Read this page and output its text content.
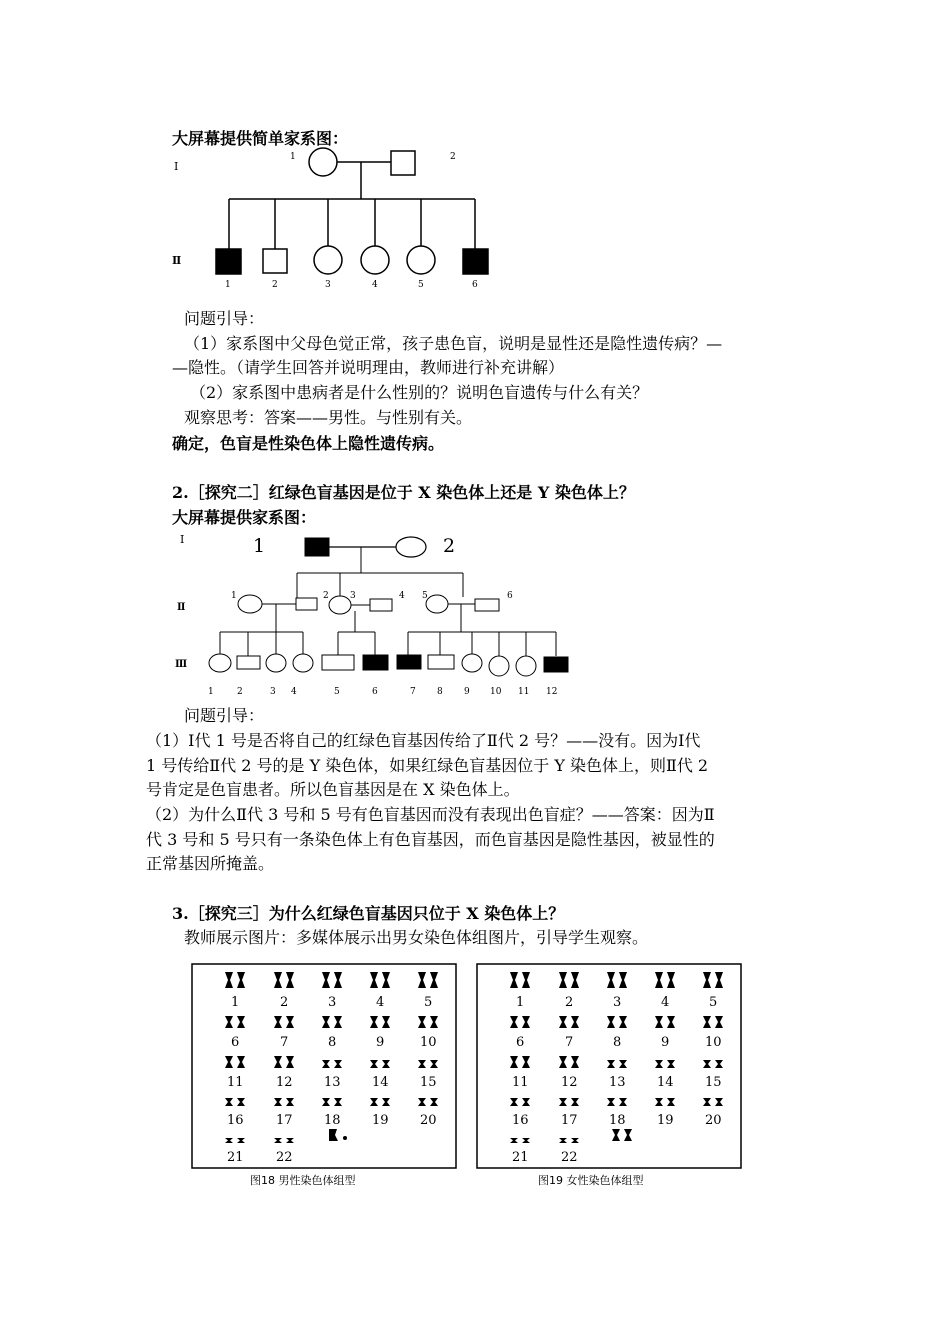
大屏幕提供简单家系图：
Ⅰ
Ⅱ
1	2
1	2	3	4	5	6
Ⅰ
Ⅱ
Ⅲ
1	2
1	2 3	4 5	6
1	2	3 4	5	6	7 8 9 10 11 12
问题引导：
（1）家系图中父母色觉正常，孩子患色盲，说明是显性还是隐性遗传病？—
—隐性。（请学生回答并说明理由，教师进行补充讲解）
（2）家系图中患病者是什么性别的？说明色盲遗传与什么有关？
观察思考：答案——男性。与性别有关。
确定，色盲是性染色体上隐性遗传病。
2.［探究二］红绿色盲基因是位于 X 染色体上还是 Y 染色体上？
大屏幕提供家系图：
问题引导：
（1）Ⅰ代 1 号是否将自己的红绿色盲基因传给了Ⅱ代 2 号？——没有。因为Ⅰ代
1 号传给Ⅱ代 2 号的是 Y 染色体，如果红绿色盲基因位于 Y 染色体上，则Ⅱ代 2
号肯定是色盲患者。所以色盲基因是在 X 染色体上。
（2）为什么Ⅱ代 3 号和 5 号有色盲基因而没有表现出色盲症？——答案：因为Ⅱ
代 3 号和 5 号只有一条染色体上有色盲基因，而色盲基因是隐性基因，被显性的
正常基因所掩盖。
3.［探究三］为什么红绿色盲基因只位于 X 染色体上？
教师展示图片：多媒体展示出男女染色体组图片，引导学生观察。
1	2	3	4	5
6	7	8	9	10
11 12 13 14 15
16 17 18 19 20
21 22
1	2	3	4	5
6	7	8	9	10
11 12 13 14 15
16 17 18 19 20
21 22
图18 男性染色体组型	图19 女性染色体组型
